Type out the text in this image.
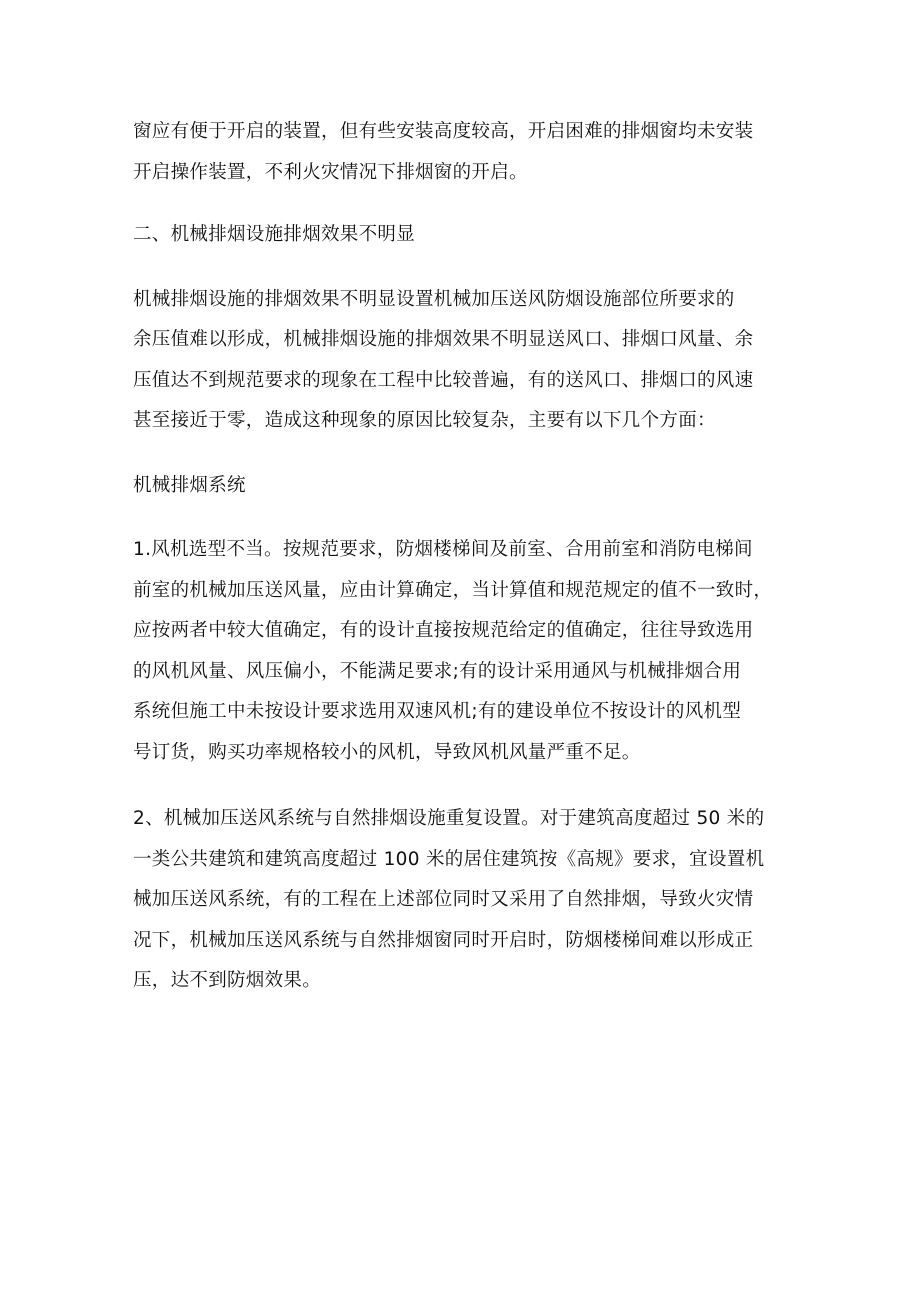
窗应有便于开启的装置，但有些安装高度较高，开启困难的排烟窗均未安装
开启操作装置，不利火灾情况下排烟窗的开启。

二、机械排烟设施排烟效果不明显

机械排烟设施的排烟效果不明显设置机械加压送风防烟设施部位所要求的
余压值难以形成，机械排烟设施的排烟效果不明显送风口、排烟口风量、余
压值达不到规范要求的现象在工程中比较普遍，有的送风口、排烟口的风速
甚至接近于零，造成这种现象的原因比较复杂，主要有以下几个方面：

机械排烟系统

1.风机选型不当。按规范要求，防烟楼梯间及前室、合用前室和消防电梯间
前室的机械加压送风量，应由计算确定，当计算值和规范规定的值不一致时，
应按两者中较大值确定，有的设计直接按规范给定的值确定，往往导致选用
的风机风量、风压偏小，不能满足要求;有的设计采用通风与机械排烟合用
系统但施工中未按设计要求选用双速风机;有的建设单位不按设计的风机型
号订货，购买功率规格较小的风机，导致风机风量严重不足。

2、机械加压送风系统与自然排烟设施重复设置。对于建筑高度超过 50 米的
一类公共建筑和建筑高度超过 100 米的居住建筑按《高规》要求，宜设置机
械加压送风系统，有的工程在上述部位同时又采用了自然排烟，导致火灾情
况下，机械加压送风系统与自然排烟窗同时开启时，防烟楼梯间难以形成正
压，达不到防烟效果。
